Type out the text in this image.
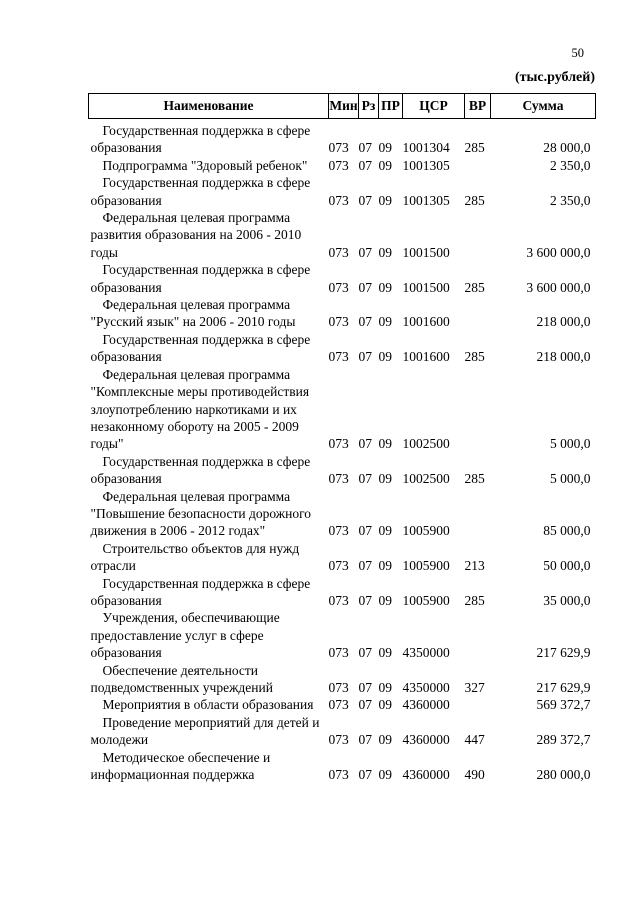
50
(тыс.рублей)
Наименование	Мин	Рз	ПР	ЦСР	ВР	Сумма
Государственная поддержка в сфере образования	073	07	09	1001304	285	28 000,0
Подпрограмма "Здоровый ребенок"	073	07	09	1001305		2 350,0
Государственная поддержка в сфере образования	073	07	09	1001305	285	2 350,0
Федеральная целевая программа развития образования на 2006 - 2010 годы	073	07	09	1001500		3 600 000,0
Государственная поддержка в сфере образования	073	07	09	1001500	285	3 600 000,0
Федеральная целевая программа "Русский язык" на 2006 - 2010 годы	073	07	09	1001600		218 000,0
Государственная поддержка в сфере образования	073	07	09	1001600	285	218 000,0
Федеральная целевая программа "Комплексные меры противодействия злоупотреблению наркотиками и их незаконному обороту на 2005 - 2009 годы"	073	07	09	1002500		5 000,0
Государственная поддержка в сфере образования	073	07	09	1002500	285	5 000,0
Федеральная целевая программа "Повышение безопасности дорожного движения в 2006 - 2012 годах"	073	07	09	1005900		85 000,0
Строительство объектов для нужд отрасли	073	07	09	1005900	213	50 000,0
Государственная поддержка в сфере образования	073	07	09	1005900	285	35 000,0
Учреждения, обеспечивающие предоставление услуг в сфере образования	073	07	09	4350000		217 629,9
Обеспечение деятельности подведомственных учреждений	073	07	09	4350000	327	217 629,9
Мероприятия в области образования	073	07	09	4360000		569 372,7
Проведение мероприятий для детей и молодежи	073	07	09	4360000	447	289 372,7
Методическое обеспечение и информационная поддержка	073	07	09	4360000	490	280 000,0
